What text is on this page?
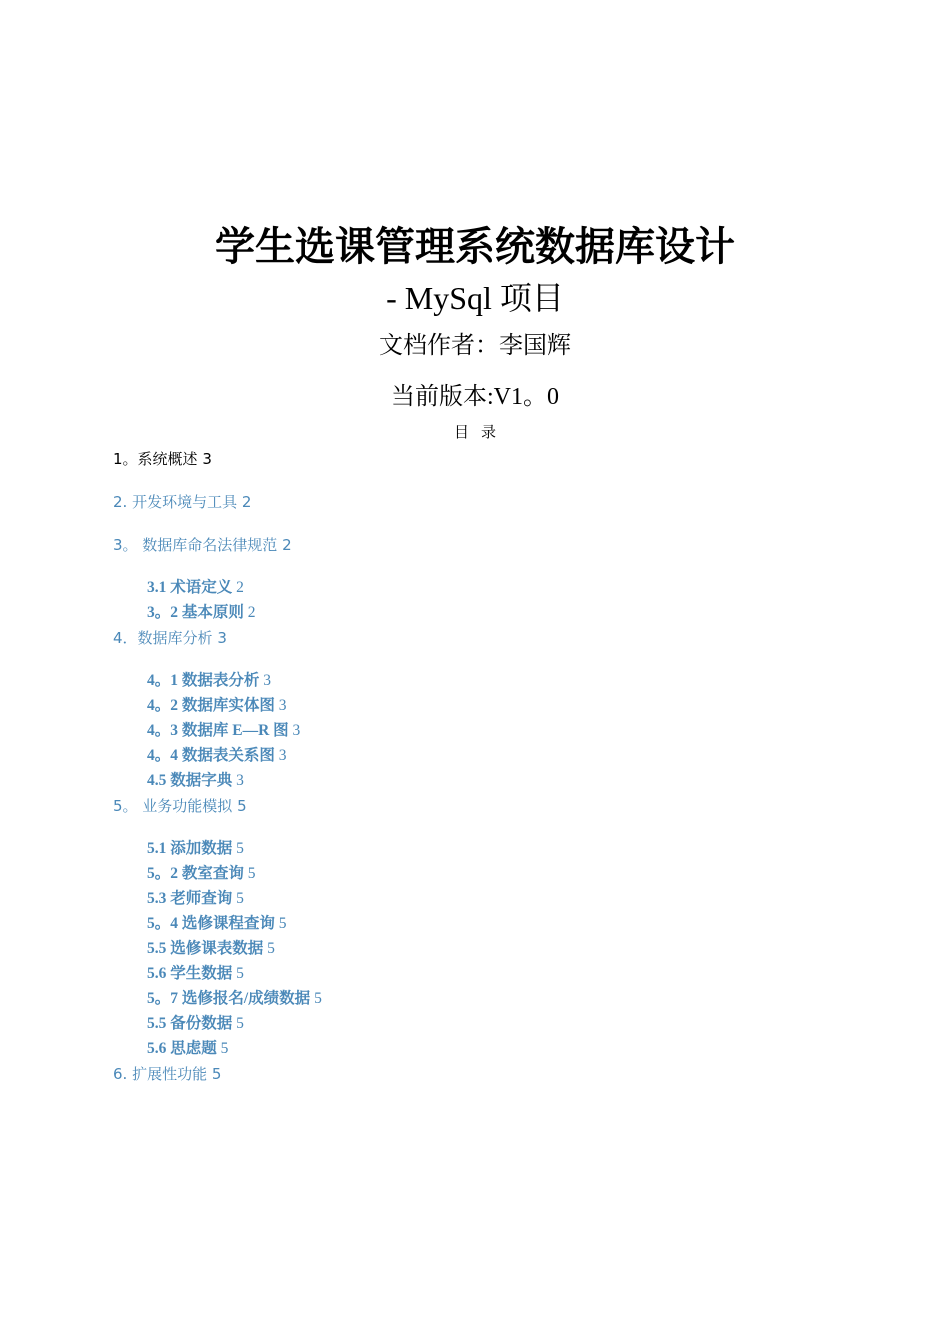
学生选课管理系统数据库设计
- MySql 项目
文档作者：李国辉
当前版本:V1。0
目录
1。系统概述 3
2. 开发环境与工具 2
3。 数据库命名法律规范 2
3.1 术语定义 2
3。2 基本原则 2
4．数据库分析 3
4。1 数据表分析 3
4。2 数据库实体图 3
4。3 数据库 E—R 图 3
4。4 数据表关系图 3
4.5 数据字典 3
5。 业务功能模拟 5
5.1 添加数据 5
5。2 教室查询 5
5.3 老师查询 5
5。4 选修课程查询 5
5.5 选修课表数据 5
5.6 学生数据 5
5。7 选修报名/成绩数据 5
5.5 备份数据 5
5.6 思虑题 5
6. 扩展性功能 5
